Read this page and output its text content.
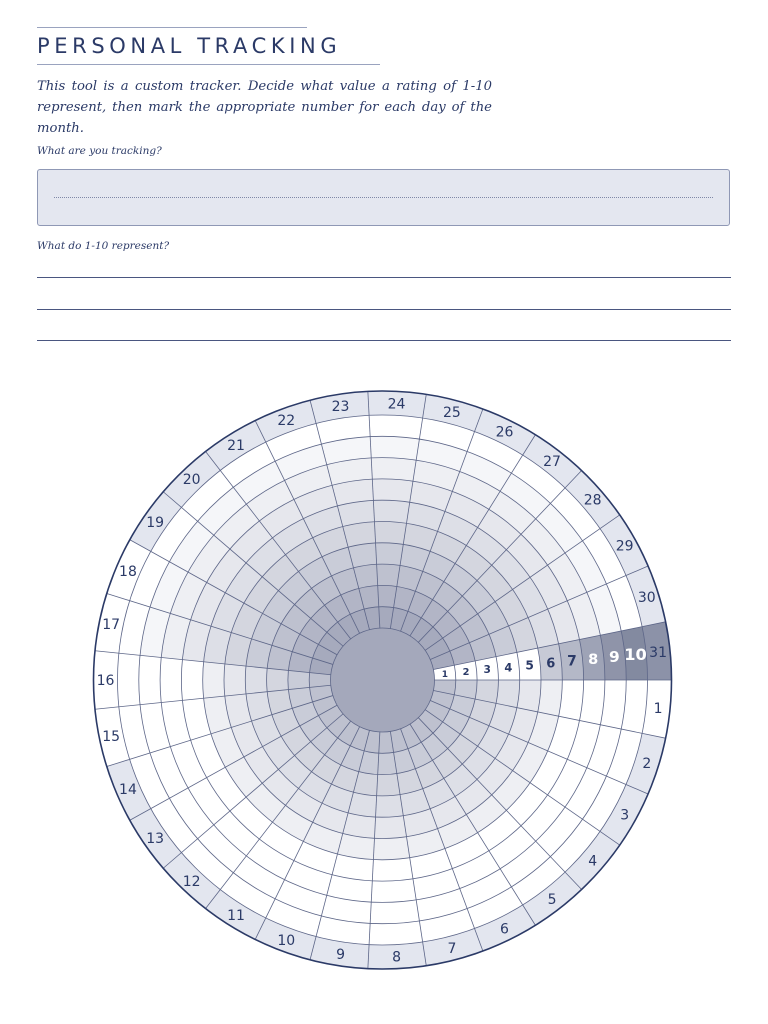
PERSONAL TRACKING

This tool is a custom tracker. Decide what value a rating of 1-10 represent, then mark the appropriate number for each day of the month.

What are you tracking?

What do 1-10 represent?

1
2
3
4
5
6
7
8
9
10
11
12
13
14
15
16
17
18
19
20
21
22
23	24
25
26
27
28
29
30
31
1 2 3 4 5 6 7 8 9 10
